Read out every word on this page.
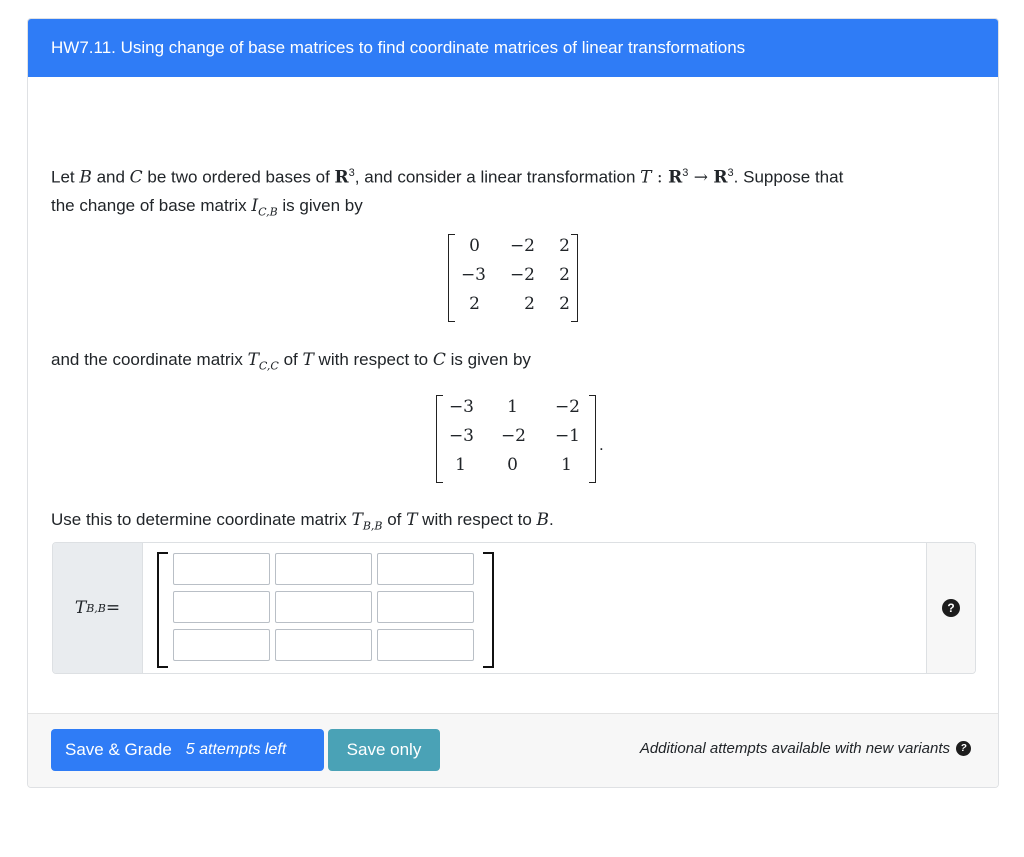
HW7.11. Using change of base matrices to find coordinate matrices of linear transformations
Let B and C be two ordered bases of $R^3$, and consider a linear transformation T : $R^3 \to R^3$. Suppose that
the change of base matrix $I_{C,B}$ is given by
0 −2	2
−3 −2	2
2	2	2
and the coordinate matrix $T_{C,C}$ of T with respect to C is given by
−3	1 −2
−3 −2 −1
1	0	1
.
Use this to determine coordinate matrix $T_{B,B}$ of T with respect to B.
T B,B =	?
Save & Grade 5 attempts left	Save only	Additional attempts available with new variants	?
